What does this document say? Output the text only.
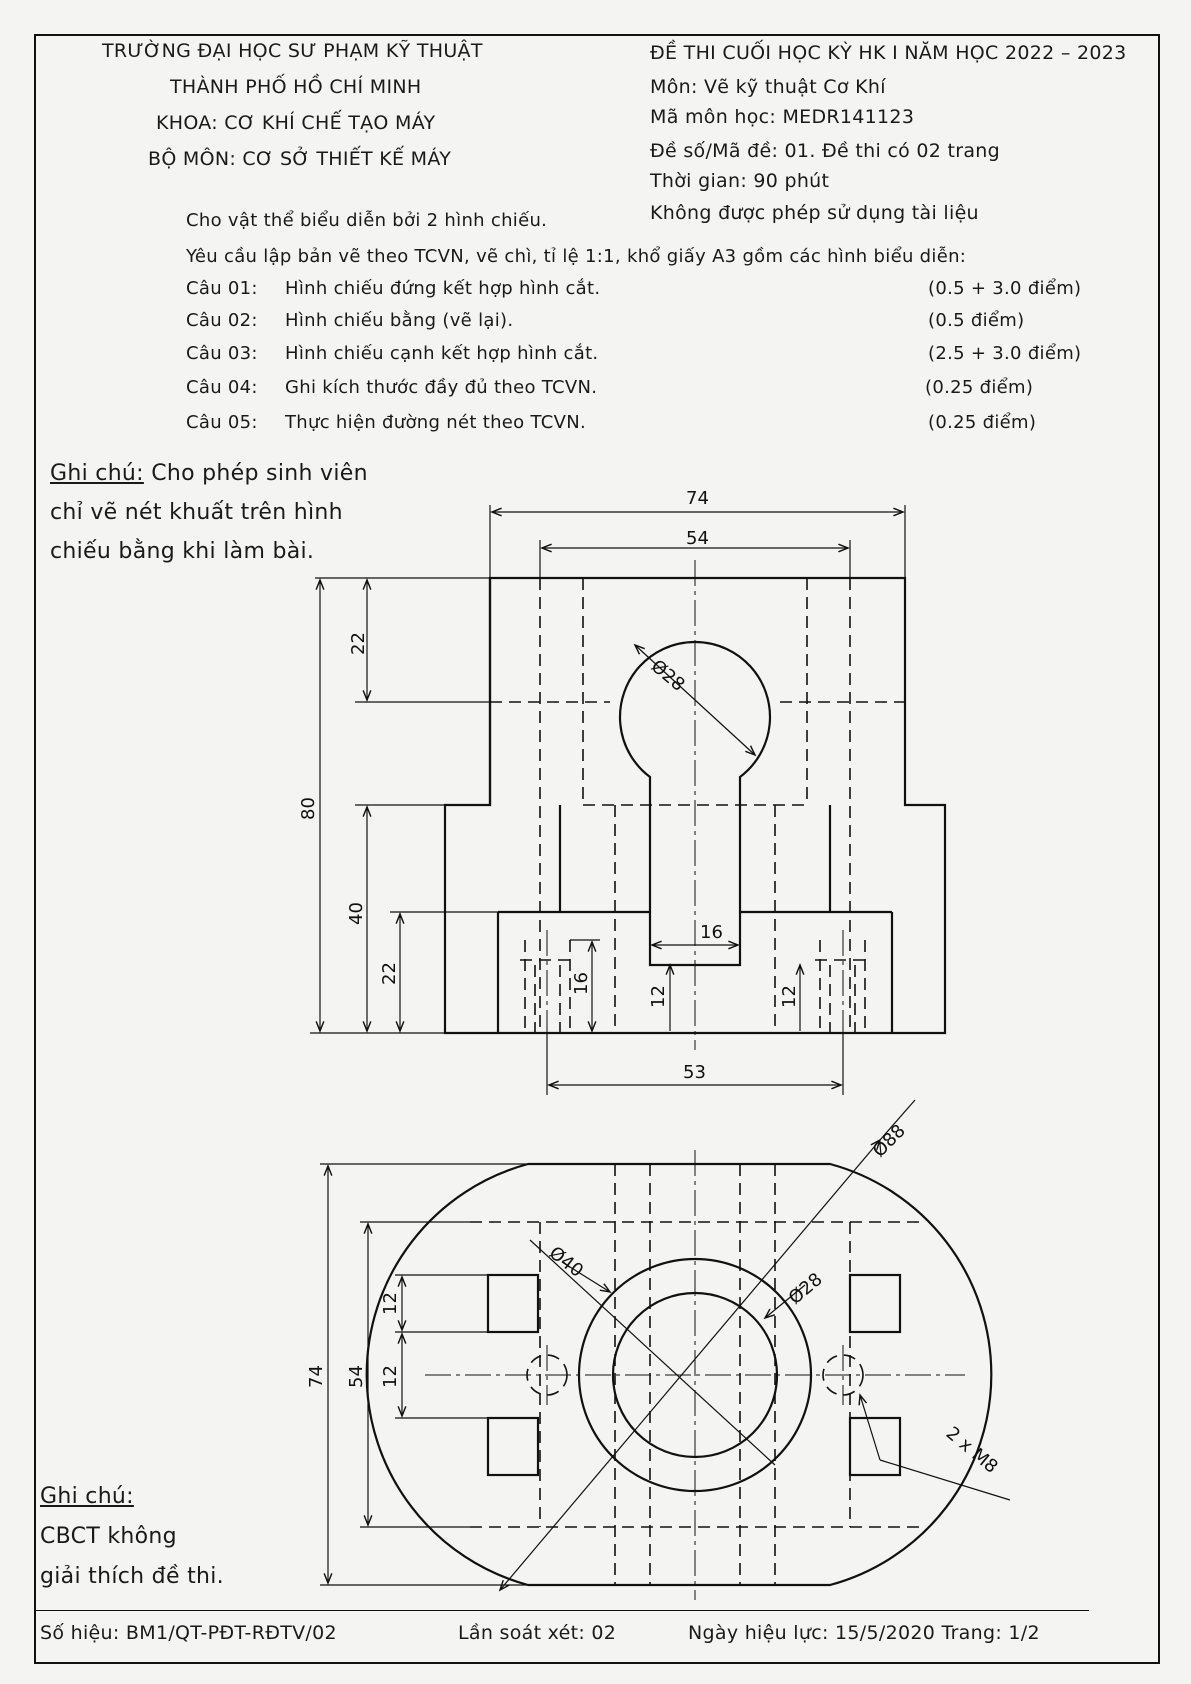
TRƯỜNG ĐẠI HỌC SƯ PHẠM KỸ THUẬT
THÀNH PHỐ HỒ CHÍ MINH
KHOA: CƠ KHÍ CHẾ TẠO MÁY
BỘ MÔN: CƠ SỞ THIẾT KẾ MÁY
ĐỀ THI CUỐI HỌC KỲ HK I NĂM HỌC 2022 – 2023
Môn: Vẽ kỹ thuật Cơ Khí
Mã môn học: MEDR141123
Đề số/Mã đề: 01. Đề thi có 02 trang
Thời gian: 90 phút
Không được phép sử dụng tài liệu
Cho vật thể biểu diễn bởi 2 hình chiếu.
Yêu cầu lập bản vẽ theo TCVN, vẽ chì, tỉ lệ 1:1, khổ giấy A3 gồm các hình biểu diễn:
Câu 01: Hình chiếu đứng kết hợp hình cắt.	(0.5 + 3.0 điểm)
Câu 02: Hình chiếu bằng (vẽ lại).	(0.5 điểm)
Câu 03: Hình chiếu cạnh kết hợp hình cắt.	(2.5 + 3.0 điểm)
Câu 04: Ghi kích thước đầy đủ theo TCVN.	(0.25 điểm)
Câu 05: Thực hiện đường nét theo TCVN.	(0.25 điểm)
Ghi chú: Cho phép sinh viên
chỉ vẽ nét khuất trên hình
chiếu bằng khi làm bài.
Ghi chú:
CBCT không
giải thích đề thi.
Số hiệu: BM1/QT-PĐT-RĐTV/02	Lần soát xét: 02	Ngày hiệu lực: 15/5/2020 Trang: 1/2
74
54
Ø28
22
80
40
22	16
16
12	12
53
Ø88
Ø40
Ø28
12
12
54
74
2 x M8
